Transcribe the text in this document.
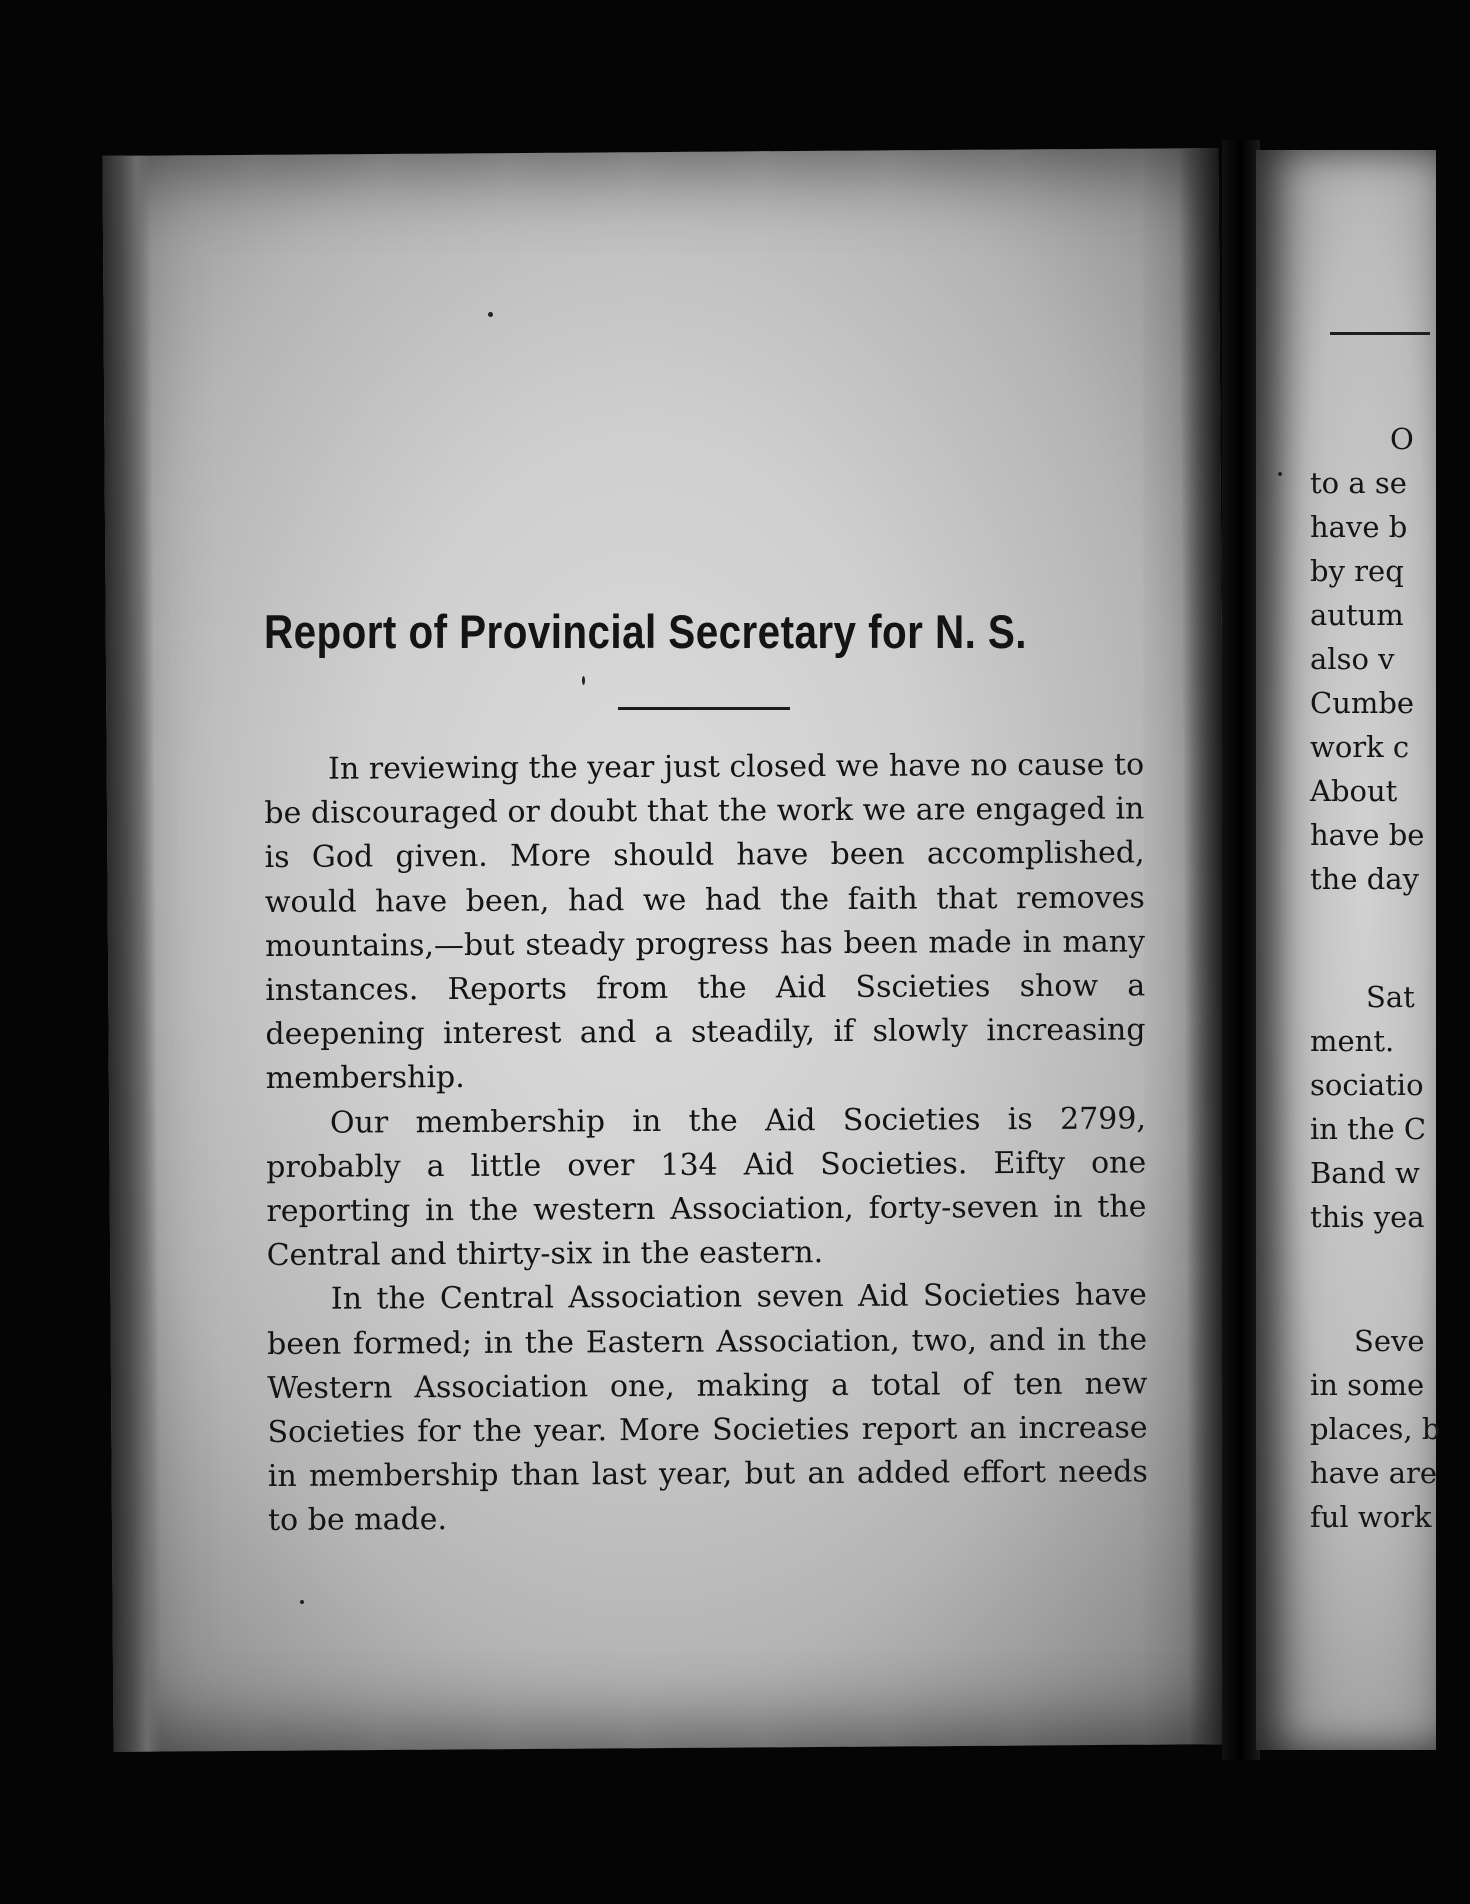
Report of Provincial Secretary for N. S.

In reviewing the year just closed we have no cause to be discouraged or doubt that the work we are engaged in is God given. More should have been accomplished, would have been, had we had the faith that removes mountains,—but steady progress has been made in many instances. Reports from the Aid Sscieties show a deepening interest and a steadily, if slowly increasing membership.

Our membership in the Aid Societies is 2799, probably a little over 134 Aid Societies. Eifty one reporting in the western Association, forty-seven in the Central and thirty-six in the eastern.

In the Central Association seven Aid Societies have been formed; in the Eastern Association, two, and in the Western Association one, making a total of ten new Societies for the year. More Societies report an increase in membership than last year, but an added effort needs to be made.

O
to a se
have b
by req
autum
also v
Cumbe
work c
About
have be
the day
Sat
ment.
sociatio
in the C
Band w
this yea
Seve
in some
places, b
have are
ful work
